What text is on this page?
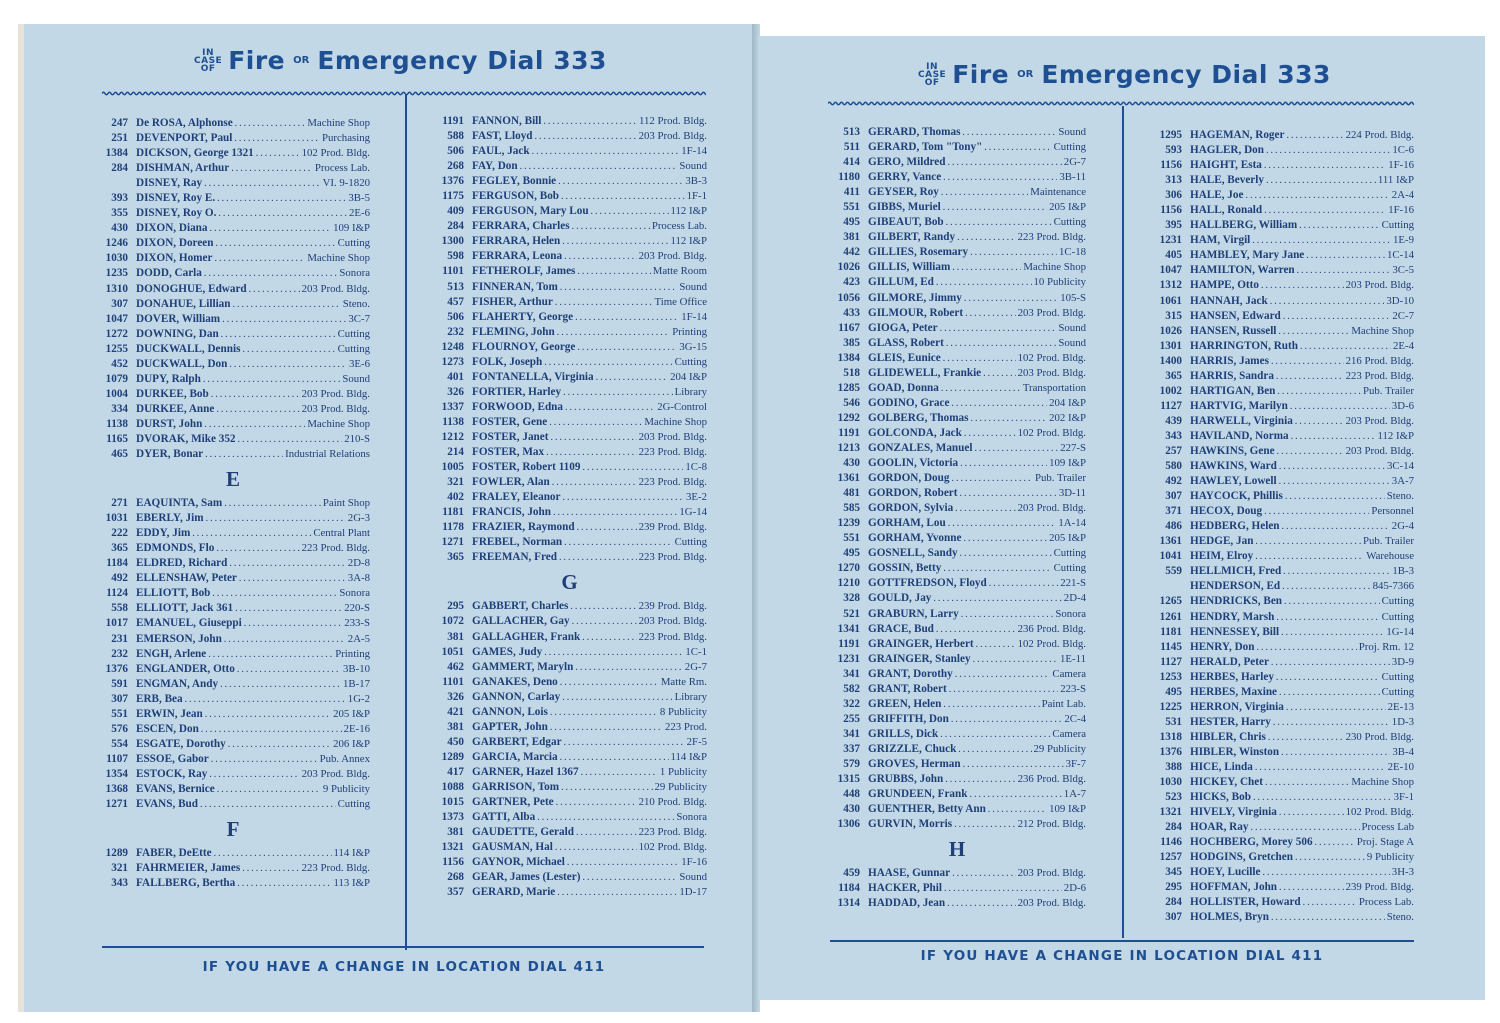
IN
CASE
OF Fire OR Emergency Dial 333
247 De ROSA, Alphonse .....	Machine Shop
251 DEVENPORT, Paul .....	Purchasing
1384 DICKSON, George 1321 .....	102 Prod. Bldg.
284 DISHMAN, Arthur .....	Process Lab.
DISNEY, Ray .....	VI. 9-1820
393 DISNEY, Roy E. .....	3B-5
355 DISNEY, Roy O. .....	2E-6
430 DIXON, Diana .....	109 I&P
1246 DIXON, Doreen .....	Cutting
1030 DIXON, Homer .....	Machine Shop
1235 DODD, Carla .....	Sonora
1310 DONOGHUE, Edward .....	203 Prod. Bldg.
307 DONAHUE, Lillian .....	Steno.
1047 DOVER, William .....	3C-7
1272 DOWNING, Dan .....	Cutting
1255 DUCKWALL, Dennis .....	Cutting
452 DUCKWALL, Don .....	3E-6
1079 DUPY, Ralph .....	Sound
1004 DURKEE, Bob .....	203 Prod. Bldg.
334 DURKEE, Anne .....	203 Prod. Bldg.
1138 DURST, John .....	Machine Shop
1165 DVORAK, Mike 352 .....	210-S
465 DYER, Bonar .....	Industrial Relations
E
271 EAQUINTA, Sam .....	Paint Shop
1031 EBERLY, Jim .....	2G-3
222 EDDY, Jim .....	Central Plant
365 EDMONDS, Flo .....	223 Prod. Bldg.
1184 ELDRED, Richard .....	2D-8
492 ELLENSHAW, Peter .....	3A-8
1124 ELLIOTT, Bob .....	Sonora
558 ELLIOTT, Jack 361 .....	220-S
1017 EMANUEL, Giuseppi .....	233-S
231 EMERSON, John .....	2A-5
232 ENGH, Arlene .....	Printing
1376 ENGLANDER, Otto .....	3B-10
591 ENGMAN, Andy .....	1B-17
307 ERB, Bea .....	1G-2
551 ERWIN, Jean .....	205 I&P
576 ESCEN, Don .....	2E-16
554 ESGATE, Dorothy .....	206 I&P
1107 ESSOE, Gabor .....	Pub. Annex
1354 ESTOCK, Ray .....	203 Prod. Bldg.
1368 EVANS, Bernice .....	9 Publicity
1271 EVANS, Bud .....	Cutting
F
1289 FABER, DeEtte .....	114 I&P
321 FAHRMEIER, James .....	223 Prod. Bldg.
343 FALLBERG, Bertha .....	113 I&P
1191 FANNON, Bill .....	112 Prod. Bldg.
588 FAST, Lloyd .....	203 Prod. Bldg.
506 FAUL, Jack .....	1F-14
268 FAY, Don .....	Sound
1376 FEGLEY, Bonnie .....	3B-3
1175 FERGUSON, Bob .....	1F-1
409 FERGUSON, Mary Lou .....	112 I&P
284 FERRARA, Charles .....	Process Lab.
1300 FERRARA, Helen .....	112 I&P
598 FERRARA, Leona .....	203 Prod. Bldg.
1101 FETHEROLF, James .....	Matte Room
513 FINNERAN, Tom .....	Sound
457 FISHER, Arthur .....	Time Office
506 FLAHERTY, George .....	1F-14
232 FLEMING, John .....	Printing
1248 FLOURNOY, George .....	3G-15
1273 FOLK, Joseph .....	Cutting
401 FONTANELLA, Virginia .....	204 I&P
326 FORTIER, Harley .....	Library
1337 FORWOOD, Edna .....	2G-Control
1138 FOSTER, Gene .....	Machine Shop
1212 FOSTER, Janet .....	203 Prod. Bldg.
214 FOSTER, Max .....	223 Prod. Bldg.
1005 FOSTER, Robert 1109 .....	1C-8
321 FOWLER, Alan .....	223 Prod. Bldg.
402 FRALEY, Eleanor .....	3E-2
1181 FRANCIS, John .....	1G-14
1178 FRAZIER, Raymond .....	239 Prod. Bldg.
1271 FREBEL, Norman .....	Cutting
365 FREEMAN, Fred .....	223 Prod. Bldg.
G
295 GABBERT, Charles .....	239 Prod. Bldg.
1072 GALLACHER, Gay .....	203 Prod. Bldg.
381 GALLAGHER, Frank .....	223 Prod. Bldg.
1051 GAMES, Judy .....	1C-1
462 GAMMERT, Maryln .....	2G-7
1101 GANAKES, Deno .....	Matte Rm.
326 GANNON, Carlay .....	Library
421 GANNON, Lois .....	8 Publicity
381 GAPTER, John .....	223 Prod.
450 GARBERT, Edgar .....	2F-5
1289 GARCIA, Marcia .....	114 I&P
417 GARNER, Hazel 1367 .....	1 Publicity
1088 GARRISON, Tom .....	29 Publicity
1015 GARTNER, Pete .....	210 Prod. Bldg.
1373 GATTI, Alba .....	Sonora
381 GAUDETTE, Gerald .....	223 Prod. Bldg.
1321 GAUSMAN, Hal .....	102 Prod. Bldg.
1156 GAYNOR, Michael .....	1F-16
268 GEAR, James (Lester) .....	Sound
357 GERARD, Marie .....	1D-17
IF YOU HAVE A CHANGE IN LOCATION DIAL 411
IN
CASE
OF Fire OR Emergency Dial 333
513 GERARD, Thomas .....	Sound
511 GERARD, Tom "Tony" .....	Cutting
414 GERO, Mildred .....	2G-7
1180 GERRY, Vance .....	3B-11
411 GEYSER, Roy .....	Maintenance
551 GIBBS, Muriel .....	205 I&P
495 GIBEAUT, Bob .....	Cutting
381 GILBERT, Randy .....	223 Prod. Bldg.
442 GILLIES, Rosemary .....	1C-18
1026 GILLIS, William .....	Machine Shop
423 GILLUM, Ed .....	10 Publicity
1056 GILMORE, Jimmy .....	105-S
433 GILMOUR, Robert .....	203 Prod. Bldg.
1167 GIOGA, Peter .....	Sound
385 GLASS, Robert .....	Sound
1384 GLEIS, Eunice .....	102 Prod. Bldg.
518 GLIDEWELL, Frankie .....	203 Prod. Bldg.
1285 GOAD, Donna .....	Transportation
546 GODINO, Grace .....	204 I&P
1292 GOLBERG, Thomas .....	202 I&P
1191 GOLCONDA, Jack .....	102 Prod. Bldg.
1213 GONZALES, Manuel .....	227-S
430 GOOLIN, Victoria .....	109 I&P
1361 GORDON, Doug .....	Pub. Trailer
481 GORDON, Robert .....	3D-11
585 GORDON, Sylvia .....	203 Prod. Bldg.
1239 GORHAM, Lou .....	1A-14
551 GORHAM, Yvonne .....	205 I&P
495 GOSNELL, Sandy .....	Cutting
1270 GOSSIN, Betty .....	Cutting
1210 GOTTFREDSON, Floyd .....	221-S
328 GOULD, Jay .....	2D-4
521 GRABURN, Larry .....	Sonora
1341 GRACE, Bud .....	236 Prod. Bldg.
1191 GRAINGER, Herbert .....	102 Prod. Bldg.
1231 GRAINGER, Stanley .....	1E-11
341 GRANT, Dorothy .....	Camera
582 GRANT, Robert .....	223-S
322 GREEN, Helen .....	Paint Lab.
255 GRIFFITH, Don .....	2C-4
341 GRILLS, Dick .....	Camera
337 GRIZZLE, Chuck .....	29 Publicity
579 GROVES, Herman .....	3F-7
1315 GRUBBS, John .....	236 Prod. Bldg.
448 GRUNDEEN, Frank .....	1A-7
430 GUENTHER, Betty Ann .....	109 I&P
1306 GURVIN, Morris .....	212 Prod. Bldg.
H
459 HAASE, Gunnar .....	203 Prod. Bldg.
1184 HACKER, Phil .....	2D-6
1314 HADDAD, Jean .....	203 Prod. Bldg.
1295 HAGEMAN, Roger .....	224 Prod. Bldg.
593 HAGLER, Don .....	1C-6
1156 HAIGHT, Esta .....	1F-16
313 HALE, Beverly .....	111 I&P
306 HALE, Joe .....	2A-4
1156 HALL, Ronald .....	1F-16
395 HALLBERG, William .....	Cutting
1231 HAM, Virgil .....	1E-9
405 HAMBLEY, Mary Jane .....	1C-14
1047 HAMILTON, Warren .....	3C-5
1312 HAMPE, Otto .....	203 Prod. Bldg.
1061 HANNAH, Jack .....	3D-10
315 HANSEN, Edward .....	2C-7
1026 HANSEN, Russell .....	Machine Shop
1301 HARRINGTON, Ruth .....	2E-4
1400 HARRIS, James .....	216 Prod. Bldg.
365 HARRIS, Sandra .....	223 Prod. Bldg.
1002 HARTIGAN, Ben .....	Pub. Trailer
1127 HARTVIG, Marilyn .....	3D-6
439 HARWELL, Virginia .....	203 Prod. Bldg.
343 HAVILAND, Norma .....	112 I&P
257 HAWKINS, Gene .....	203 Prod. Bldg.
580 HAWKINS, Ward .....	3C-14
492 HAWLEY, Lowell .....	3A-7
307 HAYCOCK, Phillis .....	Steno.
371 HECOX, Doug .....	Personnel
486 HEDBERG, Helen .....	2G-4
1361 HEDGE, Jan .....	Pub. Trailer
1041 HEIM, Elroy .....	Warehouse
559 HELLMICH, Fred .....	1B-3
HENDERSON, Ed .....	845-7366
1265 HENDRICKS, Ben .....	Cutting
1261 HENDRY, Marsh .....	Cutting
1181 HENNESSEY, Bill .....	1G-14
1145 HENRY, Don .....	Proj. Rm. 12
1127 HERALD, Peter .....	3D-9
1253 HERBES, Harley .....	Cutting
495 HERBES, Maxine .....	Cutting
1225 HERRON, Virginia .....	2E-13
531 HESTER, Harry .....	1D-3
1318 HIBLER, Chris .....	230 Prod. Bldg.
1376 HIBLER, Winston .....	3B-4
388 HICE, Linda .....	2E-10
1030 HICKEY, Chet .....	Machine Shop
523 HICKS, Bob .....	3F-1
1321 HIVELY, Virginia .....	102 Prod. Bldg.
284 HOAR, Ray .....	Process Lab
1146 HOCHBERG, Morey 506 .....	Proj. Stage A
1257 HODGINS, Gretchen .....	9 Publicity
345 HOEY, Lucille .....	3H-3
295 HOFFMAN, John .....	239 Prod. Bldg.
284 HOLLISTER, Howard .....	Process Lab.
307 HOLMES, Bryn .....	Steno.
IF YOU HAVE A CHANGE IN LOCATION DIAL 411
